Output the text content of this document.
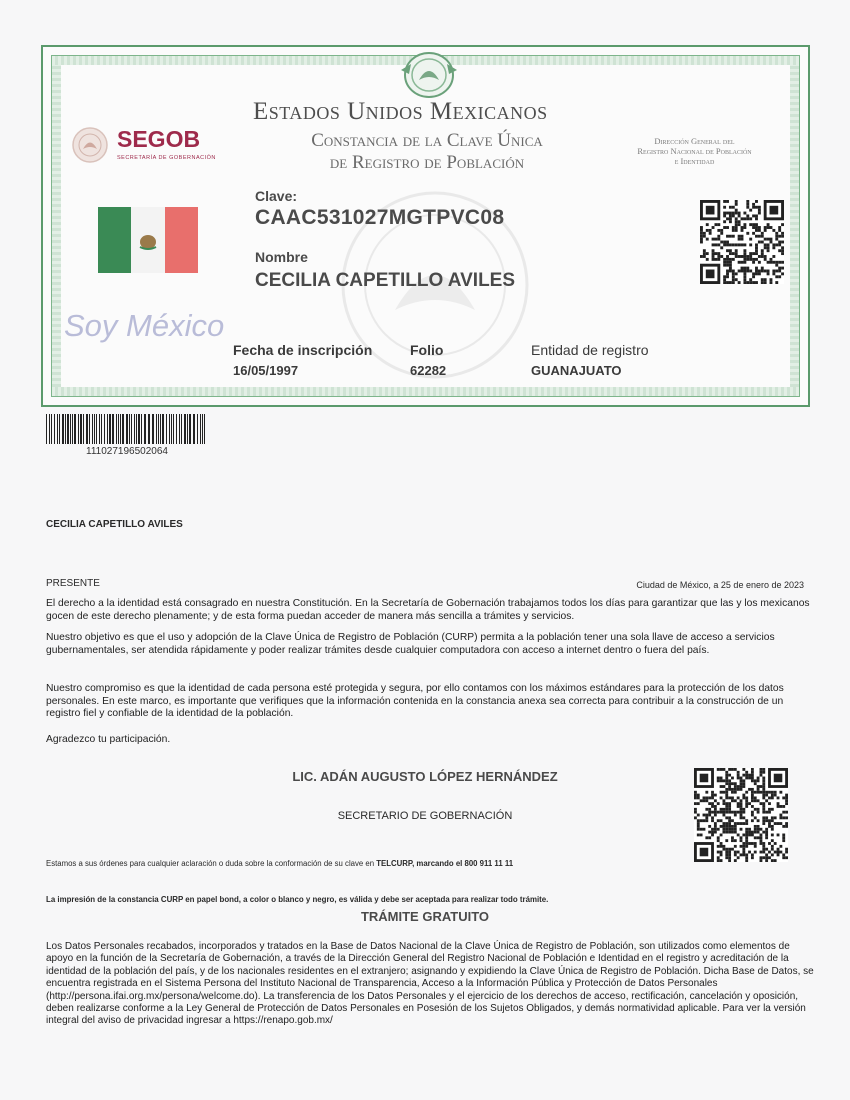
Estados Unidos Mexicanos
Constancia de la Clave Única
de Registro de Población
SEGOB
SECRETARÍA DE GOBERNACIÓN
Dirección General del
Registro Nacional de Población
e Identidad
Soy México
Clave:
CAAC531027MGTPVC08
Nombre
CECILIA CAPETILLO AVILES
Fecha de inscripción
16/05/1997
Folio
62282
Entidad de registro
GUANAJUATO
111027196502064
CECILIA CAPETILLO AVILES
PRESENTE	Ciudad de México, a 25 de enero de 2023
El derecho a la identidad está consagrado en nuestra Constitución. En la Secretaría de Gobernación trabajamos todos los días para garantizar que las y los mexicanos gocen de este derecho plenamente; y de esta forma puedan acceder de manera más sencilla a trámites y servicios.
Nuestro objetivo es que el uso y adopción de la Clave Única de Registro de Población (CURP) permita a la población tener una sola llave de acceso a servicios gubernamentales, ser atendida rápidamente y poder realizar trámites desde cualquier computadora con acceso a internet dentro o fuera del país.
Nuestro compromiso es que la identidad de cada persona esté protegida y segura, por ello contamos con los máximos estándares para la protección de los datos personales. En este marco, es importante que verifiques que la información contenida en la constancia anexa sea correcta para contribuir a la construcción de un registro fiel y confiable de la identidad de la población.
Agradezco tu participación.
LIC. ADÁN AUGUSTO LÓPEZ HERNÁNDEZ
SECRETARIO DE GOBERNACIÓN
Estamos a sus órdenes para cualquier aclaración o duda sobre la conformación de su clave en TELCURP, marcando el 800 911 11 11
La impresión de la constancia CURP en papel bond, a color o blanco y negro, es válida y debe ser aceptada para realizar todo trámite.
TRÁMITE GRATUITO
Los Datos Personales recabados, incorporados y tratados en la Base de Datos Nacional de la Clave Única de Registro de Población, son utilizados como elementos de apoyo en la función de la Secretaría de Gobernación, a través de la Dirección General del Registro Nacional de Población e Identidad en el registro y acreditación de la identidad de la población del país, y de los nacionales residentes en el extranjero; asignando y expidiendo la Clave Única de Registro de Población. Dicha Base de Datos, se encuentra registrada en el Sistema Persona del Instituto Nacional de Transparencia, Acceso a la Información Pública y Protección de Datos Personales (http://persona.ifai.org.mx/persona/welcome.do). La transferencia de los Datos Personales y el ejercicio de los derechos de acceso, rectificación, cancelación y oposición, deben realizarse conforme a la Ley General de Protección de Datos Personales en Posesión de los Sujetos Obligados, y demás normatividad aplicable. Para ver la versión integral del aviso de privacidad ingresar a https://renapo.gob.mx/
